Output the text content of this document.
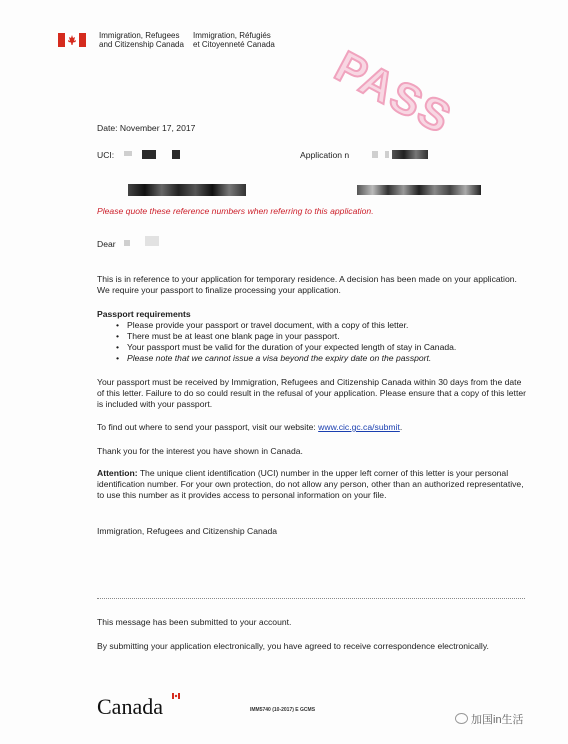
Immigration, Refugees
and Citizenship Canada
Immigration, Réfugiés
et Citoyenneté Canada PASS
Date: November 17, 2017
UCI:	Application n
Please quote these reference numbers when referring to this application.
Dear
This is in reference to your application for temporary residence. A decision has been made on your application. We require your passport to finalize processing your application.
Passport requirements
• Please provide your passport or travel document, with a copy of this letter.
• There must be at least one blank page in your passport.
• Your passport must be valid for the duration of your expected length of stay in Canada.
• Please note that we cannot issue a visa beyond the expiry date on the passport.
Your passport must be received by Immigration, Refugees and Citizenship Canada within 30 days from the date of this letter. Failure to do so could result in the refusal of your application. Please ensure that a copy of this letter is included with your passport.
To find out where to send your passport, visit our website: www.cic.gc.ca/submit.
Thank you for the interest you have shown in Canada.
Attention: The unique client identification (UCI) number in the upper left corner of this letter is your personal identification number. For your own protection, do not allow any person, other than an authorized representative, to use this number as it provides access to personal information on your file.
Immigration, Refugees and Citizenship Canada
This message has been submitted to your account.
By submitting your application electronically, you have agreed to receive correspondence electronically.
Canada	IMM5740 (10-2017) E GCMS
加国in生活
